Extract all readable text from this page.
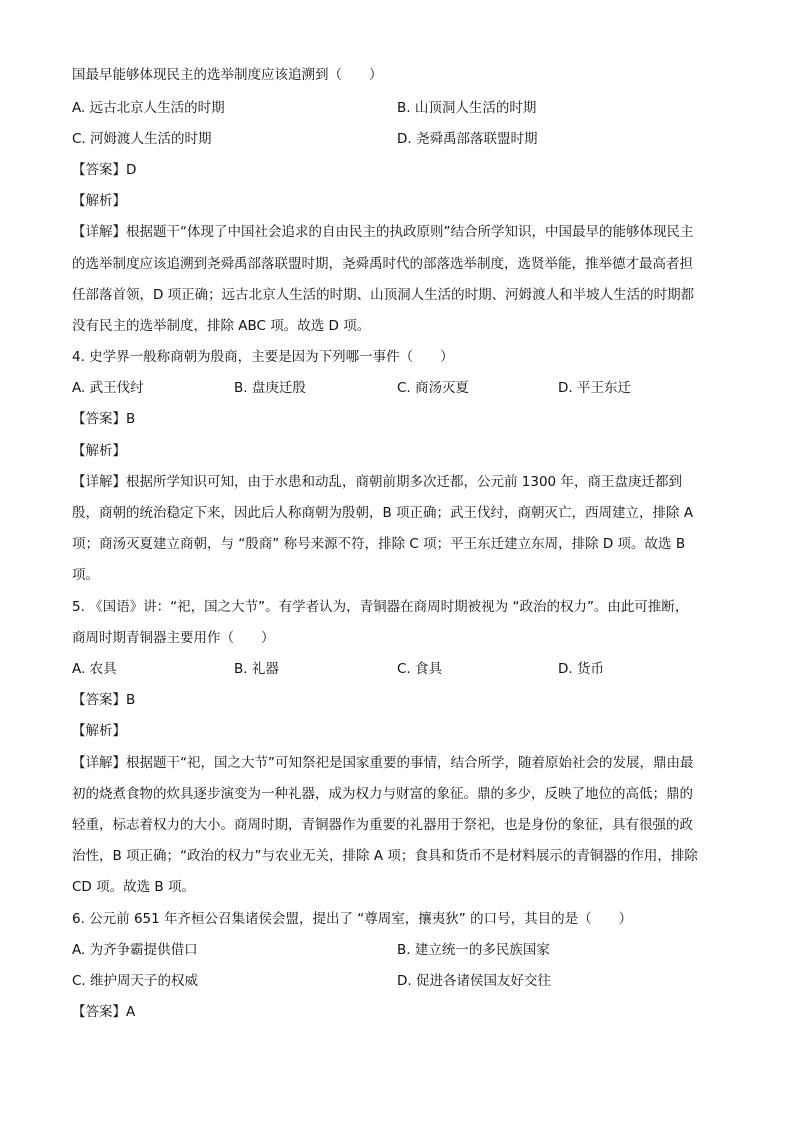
国最早能够体现民主的选举制度应该追溯到（　　）
A. 远古北京人生活的时期	B. 山顶洞人生活的时期
C. 河姆渡人生活的时期	D. 尧舜禹部落联盟时期
【答案】D
【解析】
【详解】根据题干“体现了中国社会追求的自由民主的执政原则”结合所学知识，中国最早的能够体现民主
的选举制度应该追溯到尧舜禹部落联盟时期，尧舜禹时代的部落选举制度，选贤举能，推举德才最高者担
任部落首领，D 项正确；远古北京人生活的时期、山顶洞人生活的时期、河姆渡人和半坡人生活的时期都
没有民主的选举制度，排除 ABC 项。故选 D 项。
4. 史学界一般称商朝为殷商，主要是因为下列哪一事件（　　）
A. 武王伐纣	B. 盘庚迁殷	C. 商汤灭夏	D. 平王东迁
【答案】B
【解析】
【详解】根据所学知识可知，由于水患和动乱，商朝前期多次迁都，公元前 1300 年，商王盘庚迁都到
殷，商朝的统治稳定下来，因此后人称商朝为殷朝，B 项正确；武王伐纣，商朝灭亡，西周建立，排除 A
项；商汤灭夏建立商朝，与 “殷商” 称号来源不符，排除 C 项；平王东迁建立东周，排除 D 项。故选 B
项。
5. 《国语》讲：“祀，国之大节”。有学者认为，青铜器在商周时期被视为 “政治的权力”。由此可推断，
商周时期青铜器主要用作（　　）
A. 农具	B. 礼器	C. 食具	D. 货币
【答案】B
【解析】
【详解】根据题干“祀，国之大节”可知祭祀是国家重要的事情，结合所学，随着原始社会的发展，鼎由最
初的烧煮食物的炊具逐步演变为一种礼器，成为权力与财富的象征。鼎的多少，反映了地位的高低；鼎的
轻重，标志着权力的大小。商周时期，青铜器作为重要的礼器用于祭祀，也是身份的象征，具有很强的政
治性，B 项正确；“政治的权力”与农业无关，排除 A 项；食具和货币不是材料展示的青铜器的作用，排除
CD 项。故选 B 项。
6. 公元前 651 年齐桓公召集诸侯会盟，提出了 “尊周室，攘夷狄” 的口号，其目的是（　　）
A. 为齐争霸提供借口	B. 建立统一的多民族国家
C. 维护周天子的权威	D. 促进各诸侯国友好交往
【答案】A
